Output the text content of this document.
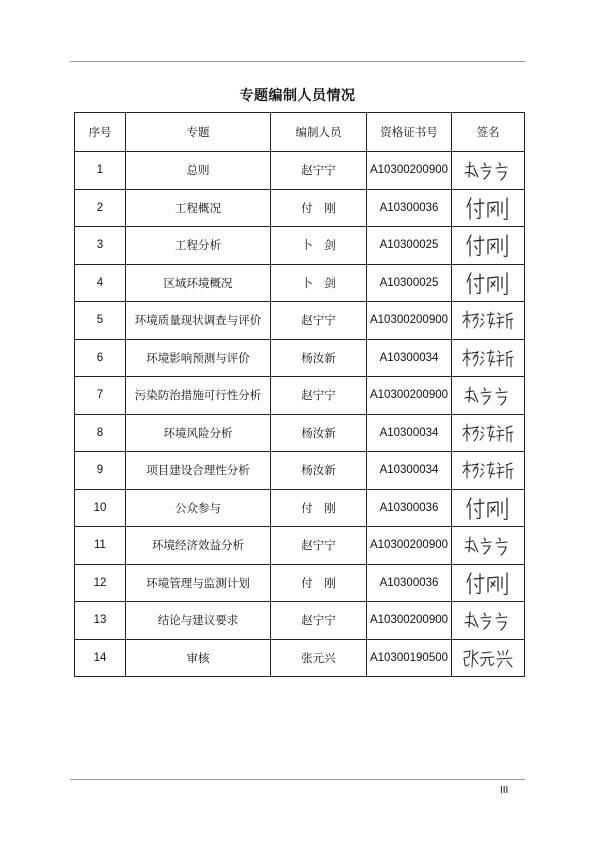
专题编制人员情况
序号	专题	编制人员	资格证书号	签名
1	总则	赵宁宁	A10300200900	

2	工程概况	付　刚	A10300036	

3	工程分析	卜　剑	A10300025	

4	区域环境概况	卜　剑	A10300025	

5	环境质量现状调查与评价	赵宁宁	A10300200900	

6	环境影响预测与评价	杨汝新	A10300034	

7	污染防治措施可行性分析	赵宁宁	A10300200900	

8	环境风险分析	杨汝新	A10300034	

9	项目建设合理性分析	杨汝新	A10300034	

10	公众参与	付　刚	A10300036	

11	环境经济效益分析	赵宁宁	A10300200900	

12	环境管理与监测计划	付　刚	A10300036	

13	结论与建议要求	赵宁宁	A10300200900	

14	审核	张元兴	A10300190500	
III
